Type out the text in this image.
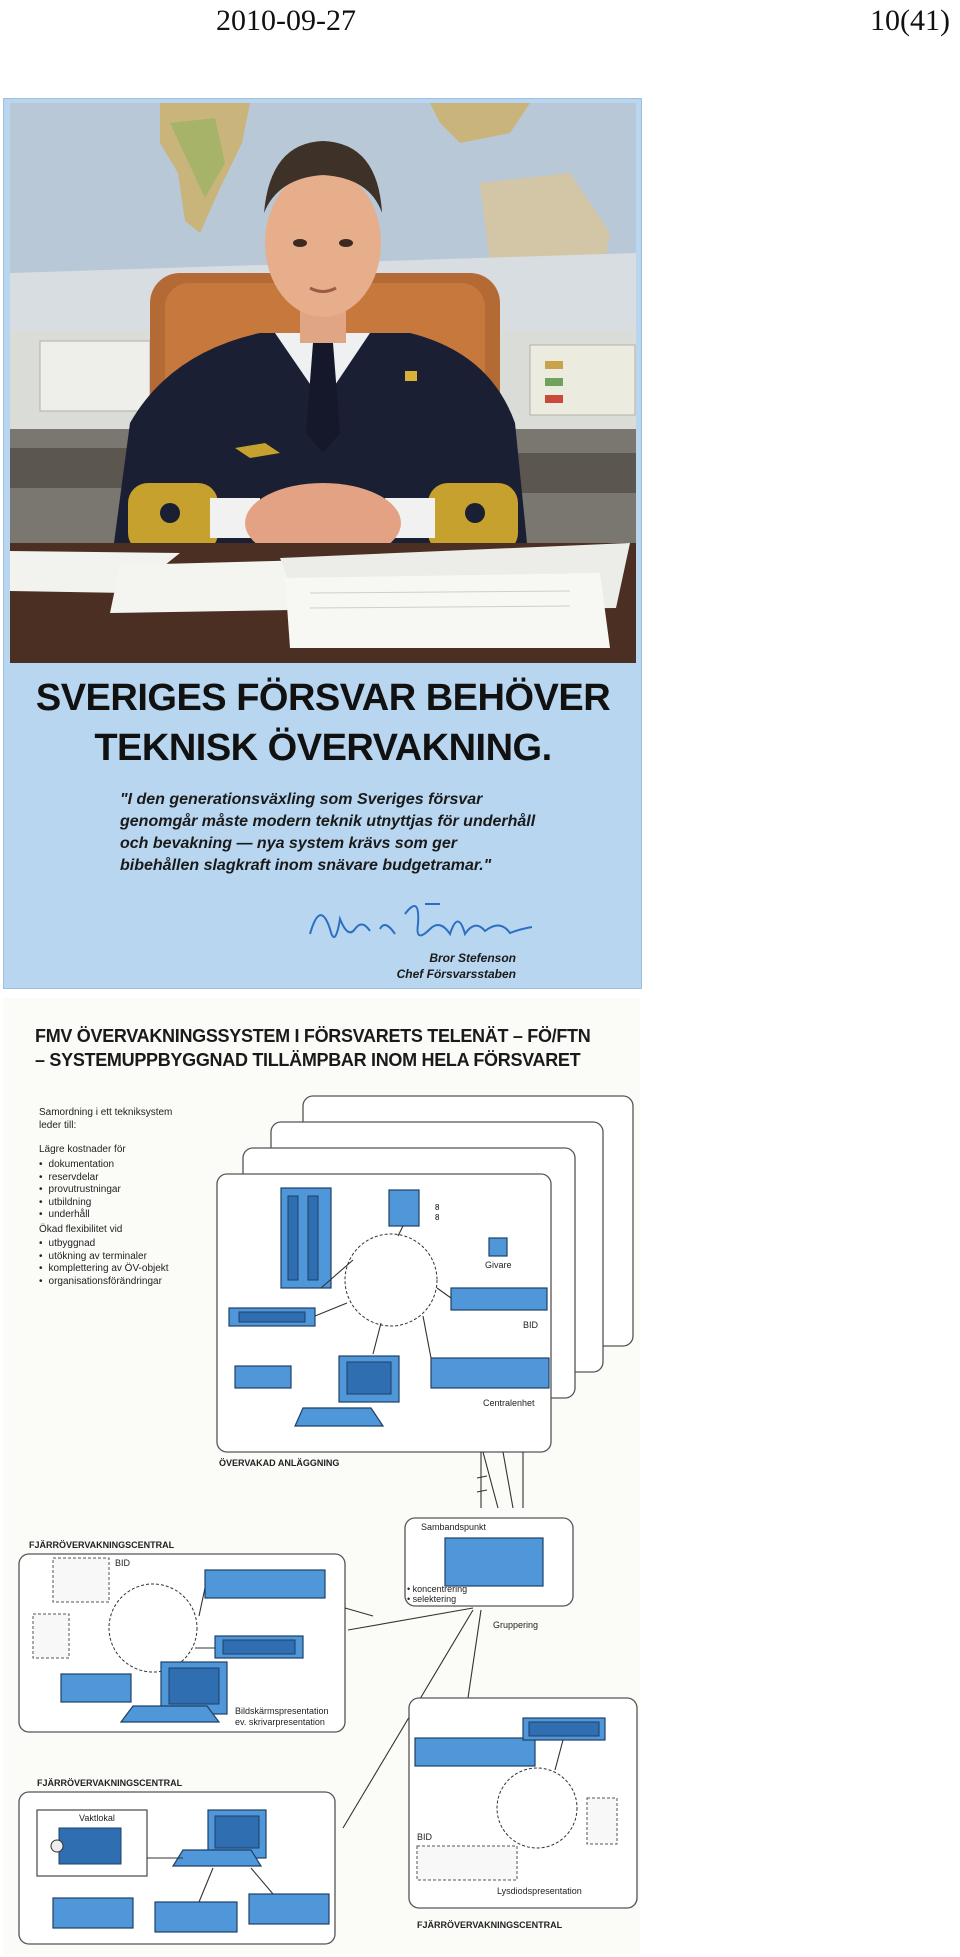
2010-09-27	10(41)
SVERIGES FÖRSVAR BEHÖVER
TEKNISK ÖVERVAKNING.
"I den generationsväxling som Sveriges försvar genomgår måste modern teknik utnyttjas för underhåll och bevakning — nya system krävs som ger bibehållen slagkraft inom snävare budgetramar."
Bror Stefenson
Chef Försvarsstaben
8
8
FMV ÖVERVAKNINGSSYSTEM I FÖRSVARETS TELENÄT – FÖ/FTN
– SYSTEMUPPBYGGNAD TILLÄMPBAR INOM HELA FÖRSVARET
Samordning i ett tekniksystem
leder till:
Lägre kostnader för
• dokumentation
• reservdelar
• provutrustningar
• utbildning
• underhåll
Ökad flexibilitet vid
• utbyggnad
• utökning av terminaler
• komplettering av ÖV-objekt
• organisationsförändringar
Givare
BID
Centralenhet
ÖVERVAKAD ANLÄGGNING
Sambandspunkt
• koncentrering
• selektering
Gruppering
FJÄRRÖVERVAKNINGSCENTRAL
BID
Bildskärmspresentation
ev. skrivarpresentation
FJÄRRÖVERVAKNINGSCENTRAL
Vaktlokal
BID
Lysdiodspresentation
FJÄRRÖVERVAKNINGSCENTRAL
